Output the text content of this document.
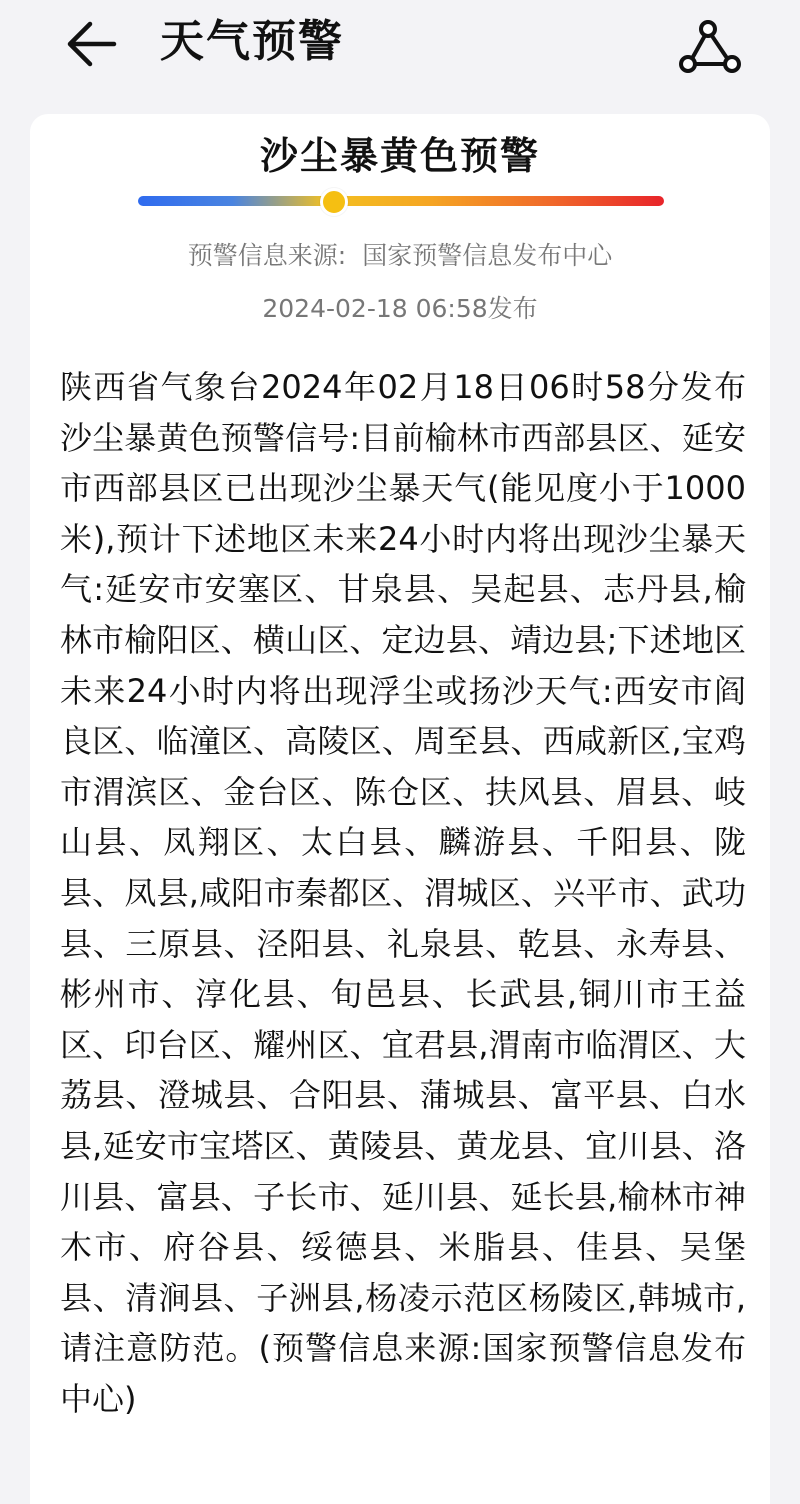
天气预警
沙尘暴黄色预警
预警信息来源: 国家预警信息发布中心
2024-02-18 06:58发布
陕西省气象台2024年02月18日06时58分发布沙尘暴黄色预警信号:目前榆林市西部县区、延安市西部县区已出现沙尘暴天气(能见度小于1000米),预计下述地区未来24小时内将出现沙尘暴天气:延安市安塞区、甘泉县、吴起县、志丹县,榆林市榆阳区、横山区、定边县、靖边县;下述地区未来24小时内将出现浮尘或扬沙天气:西安市阎良区、临潼区、高陵区、周至县、西咸新区,宝鸡市渭滨区、金台区、陈仓区、扶风县、眉县、岐山县、凤翔区、太白县、麟游县、千阳县、陇县、凤县,咸阳市秦都区、渭城区、兴平市、武功县、三原县、泾阳县、礼泉县、乾县、永寿县、彬州市、淳化县、旬邑县、长武县,铜川市王益区、印台区、耀州区、宜君县,渭南市临渭区、大荔县、澄城县、合阳县、蒲城县、富平县、白水县,延安市宝塔区、黄陵县、黄龙县、宜川县、洛川县、富县、子长市、延川县、延长县,榆林市神木市、府谷县、绥德县、米脂县、佳县、吴堡县、清涧县、子洲县,杨凌示范区杨陵区,韩城市,请注意防范。(预警信息来源:国家预警信息发布中心)
